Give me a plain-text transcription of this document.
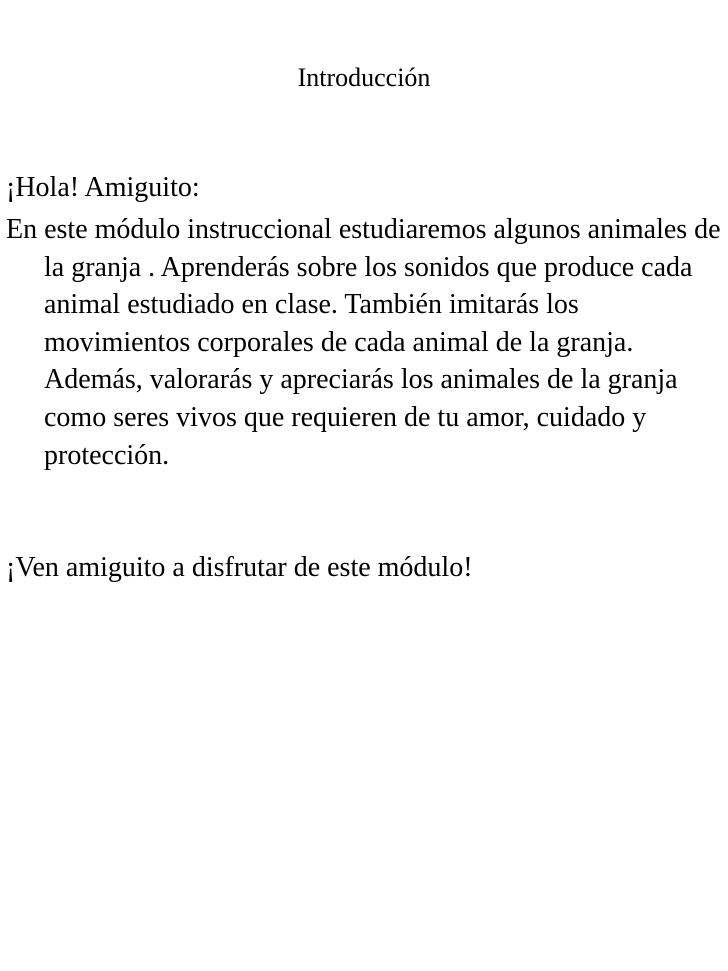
Introducción

¡Hola! Amiguito:

En este módulo instruccional estudiaremos algunos animales de la granja . Aprenderás sobre los sonidos que produce cada animal estudiado en clase. También imitarás los movimientos corporales de cada animal de la granja. Además, valorarás y apreciarás los animales de la granja como seres vivos que requieren de tu amor, cuidado y protección.

¡Ven amiguito a disfrutar de este módulo!
